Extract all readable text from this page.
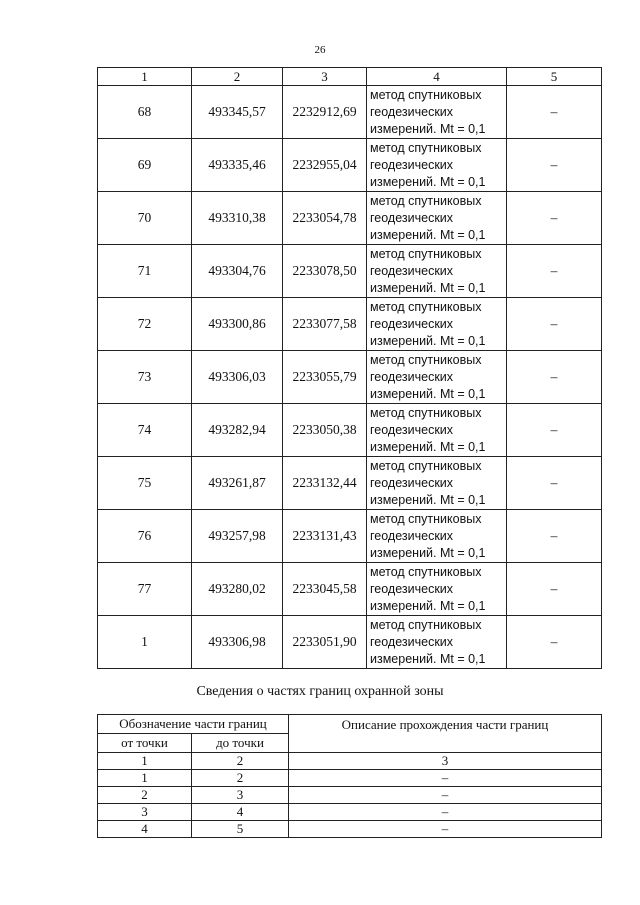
26
1	2	3	4	5
68	493345,57	2232912,69	метод спутниковых
геодезических
измерений. Mt = 0,1	–
69	493335,46	2232955,04	метод спутниковых
геодезических
измерений. Mt = 0,1	–
70	493310,38	2233054,78	метод спутниковых
геодезических
измерений. Mt = 0,1	–
71	493304,76	2233078,50	метод спутниковых
геодезических
измерений. Mt = 0,1	–
72	493300,86	2233077,58	метод спутниковых
геодезических
измерений. Mt = 0,1	–
73	493306,03	2233055,79	метод спутниковых
геодезических
измерений. Mt = 0,1	–
74	493282,94	2233050,38	метод спутниковых
геодезических
измерений. Mt = 0,1	–
75	493261,87	2233132,44	метод спутниковых
геодезических
измерений. Mt = 0,1	–
76	493257,98	2233131,43	метод спутниковых
геодезических
измерений. Mt = 0,1	–
77	493280,02	2233045,58	метод спутниковых
геодезических
измерений. Mt = 0,1	–
1	493306,98	2233051,90	метод спутниковых
геодезических
измерений. Mt = 0,1	–
Сведения о частях границ охранной зоны
Обозначение части границ		Описание прохождения части границ
от точки	до точки	
1	2	3
1	2	–
2	3	–
3	4	–
4	5	–
